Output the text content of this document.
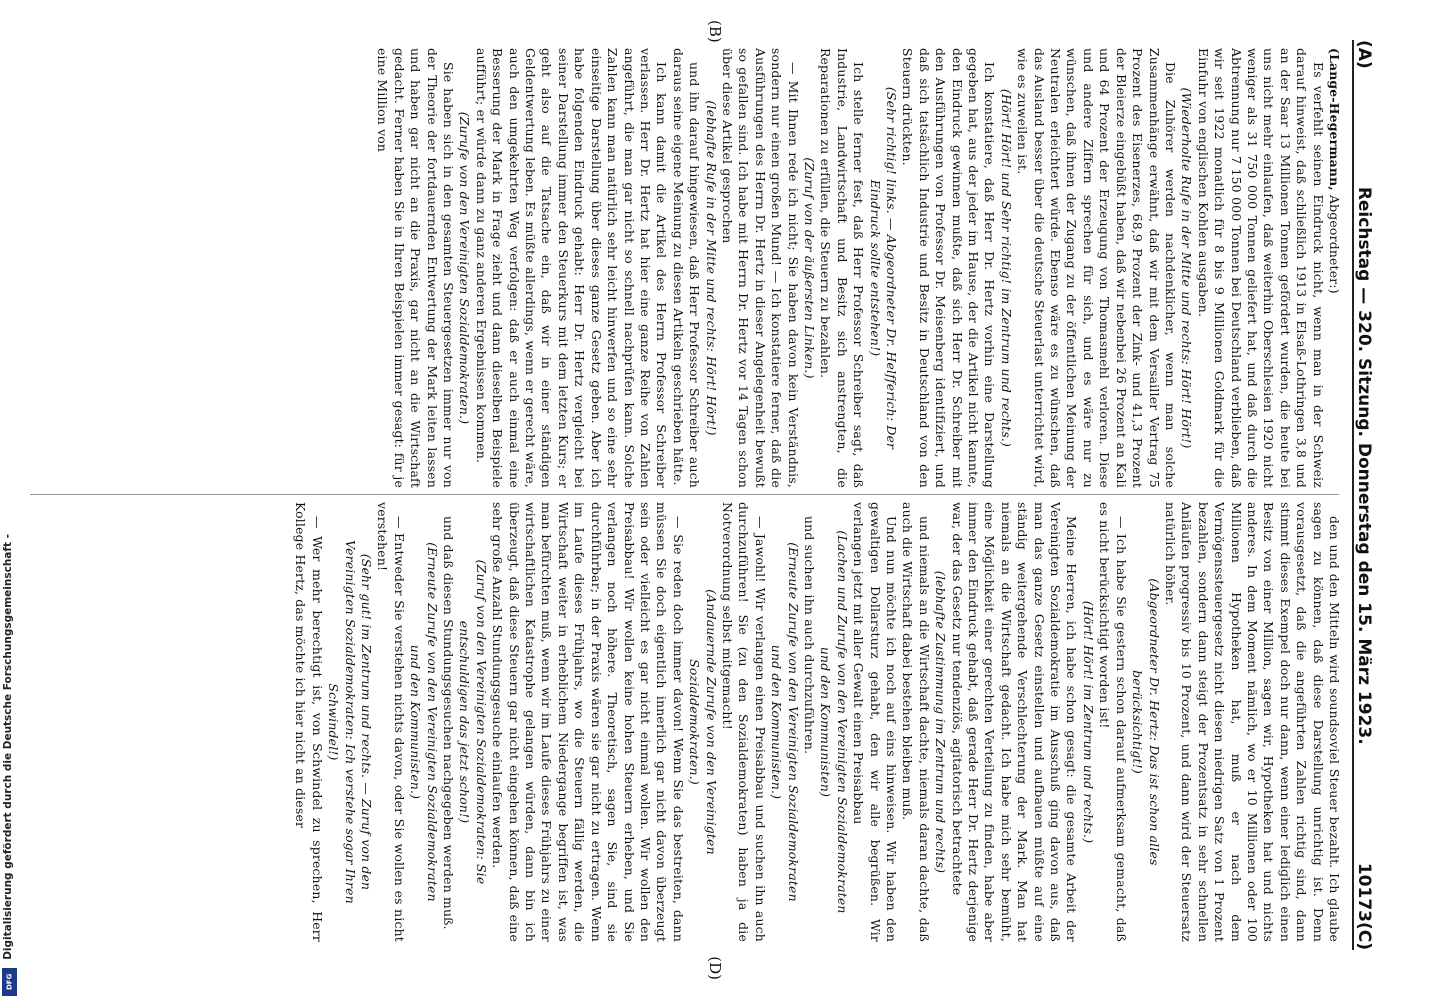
Digitalisierung gefördert durch die Deutsche Forschungsgemeinschaft -
DFG
(A)
Reichstag — 320. Sitzung. Donnerstag den 15. März 1923.
10173
(C)
(B)
(D)

(Lange-Hegermann, Abgeordneter:)

Es verfehlt seinen Eindruck nicht, wenn man in der Schweiz darauf hinweist, daß schließlich 1913 in Elsaß-Lothringen 3,8 und an der Saar 13 Millionen Tonnen gefördert wurden, die heute bei uns nicht mehr einlaufen, daß weiterhin Oberschlesien 1920 nicht weniger als 31 750 000 Tonnen geliefert hat, und daß durch die Abtrennung nur 7 150 000 Tonnen bei Deutschland verblieben, daß wir seit 1922 monatlich für 8 bis 9 Millionen Goldmark für die Einfuhr von englischen Kohlen ausgaben.

(Wiederholte Rufe in der Mitte und rechts: Hört! Hört!)

Die Zuhörer werden nachdenklicher, wenn man solche Zusammenhänge erwähnt, daß wir mit dem Versailler Vertrag 75 Prozent des Eisenerzes, 68,9 Prozent der Zink- und 41,3 Prozent der Bleierze eingebüßt haben, daß wir nebenbei 26 Prozent an Kali und 64 Prozent der Erzeugung von Thomasmehl verloren. Diese und andere Ziffern sprechen für sich, und es wäre nur zu wünschen, daß ihnen der Zugang zu der öffentlichen Meinung der Neutralen erleichtert würde. Ebenso wäre es zu wünschen, daß das Ausland besser über die deutsche Steuerlast unterrichtet wird, wie es zuweilen ist.

(Hört! Hört! und Sehr richtig! im Zentrum und rechts.)

Ich konstatiere, daß Herr Dr. Hertz vorhin eine Darstellung gegeben hat, aus der jeder im Hause, der die Artikel nicht kannte, den Eindruck gewinnen mußte, daß sich Herr Dr. Schreiber mit den Ausführungen von Professor Dr. Meisenberg identifiziert, und daß sich tatsächlich Industrie und Besitz in Deutschland von den Steuern drückten.

(Sehr richtig! links. — Abgeordneter Dr. Helfferich: Der Eindruck sollte entstehen!)

Ich stelle ferner fest, daß Herr Professor Schreiber sagt, daß Industrie, Landwirtschaft und Besitz sich anstrengten, die Reparationen zu erfüllen, die Steuern zu bezahlen.

(Zuruf von der äußersten Linken.)

— Mit Ihnen rede ich nicht; Sie haben davon kein Verständnis, sondern nur einen großen Mund! — Ich konstatiere ferner, daß die Ausführungen des Herrn Dr. Hertz in dieser Angelegenheit bewußt so gefallen sind. Ich habe mit Herrn Dr. Hertz vor 14 Tagen schon über diese Artikel gesprochen

(lebhafte Rufe in der Mitte und rechts: Hört! Hört!)

und ihn darauf hingewiesen, daß Herr Professor Schreiber auch daraus seine eigene Meinung zu diesen Artikeln geschrieben hätte.

Ich kann damit die Artikel des Herrn Professor Schreiber verlassen. Herr Dr. Hertz hat hier eine ganze Reihe von Zahlen angeführt, die man gar nicht so schnell nachprüfen kann. Solche Zahlen kann man natürlich sehr leicht hinwerfen und so eine sehr einseitige Darstellung über dieses ganze Gesetz geben. Aber ich habe folgenden Eindruck gehabt: Herr Dr. Hertz vergleicht bei seiner Darstellung immer den Steuerkurs mit dem letzten Kurs; er geht also auf die Tatsache ein, daß wir in einer ständigen Geldentwertung leben. Es müßte allerdings, wenn er gerecht wäre, auch den umgekehrten Weg verfolgen: daß er auch einmal eine Besserung der Mark in Frage zieht und dann dieselben Beispiele aufführt; er würde dann zu ganz anderen Ergebnissen kommen.

(Zurufe von den Vereinigten Sozialdemokraten.)

Sie haben sich in den gesamten Steuergesetzen immer nur von der Theorie der fortdauernden Entwertung der Mark leiten lassen und haben gar nicht an die Praxis, gar nicht an die Wirtschaft gedacht. Ferner haben Sie in Ihren Beispielen immer gesagt: für je eine Million von

den und den Mitteln wird soundsoviel Steuer bezahlt. Ich glaube sagen zu können, daß diese Darstellung unrichtig ist. Denn vorausgesetzt, daß die angeführten Zahlen richtig sind, dann stimmt dieses Exempel doch nur dann, wenn einer lediglich einen Besitz von einer Million, sagen wir, Hypotheken hat und nichts anderes. In dem Moment nämlich, wo er 10 Millionen oder 100 Millionen Hypotheken hat, muß er nach dem Vermögenssteuergesetz nicht diesen niedrigen Satz von 1 Prozent bezahlen, sondern dann steigt der Prozentsatz in sehr schnellen Anläufen progressiv bis 10 Prozent, und dann wird der Steuersatz natürlich höher.

(Abgeordneter Dr. Hertz: Das ist schon alles berücksichtigt!)

— Ich habe Sie gestern schon darauf aufmerksam gemacht, daß es nicht berücksichtigt worden ist!

(Hört! Hört! im Zentrum und rechts.)

Meine Herren, ich habe schon gesagt: die gesamte Arbeit der Vereinigten Sozialdemokratie im Ausschuß ging davon aus, daß man das ganze Gesetz einstellen und aufbauen müßte auf eine ständig weitergehende Verschlechterung der Mark. Man hat niemals an die Wirtschaft gedacht. Ich habe mich sehr bemüht, eine Möglichkeit einer gerechten Verteilung zu finden, habe aber immer den Eindruck gehabt, daß gerade Herr Dr. Hertz derjenige war, der das Gesetz nur tendenziös, agitatorisch betrachtete

(lebhafte Zustimmung im Zentrum und rechts)

und niemals an die Wirtschaft dachte, niemals daran dachte, daß auch die Wirtschaft dabei bestehen bleiben muß.

Und nun möchte ich noch auf eins hinweisen. Wir haben den gewaltigen Dollarsturz gehabt, den wir alle begrüßen. Wir verlangen jetzt mit aller Gewalt einen Preisabbau

(Lachen und Zurufe von den Vereinigten Sozialdemokraten und den Kommunisten)

und suchen ihn auch durchzuführen.

(Erneute Zurufe von den Vereinigten Sozialdemokraten und den Kommunisten.)

— Jawohl! Wir verlangen einen Preisabbau und suchen ihn auch durchzuführen! Sie (zu den Sozialdemokraten) haben ja die Notverordnung selbst mitgemacht!

(Andauernde Zurufe von den Vereinigten Sozialdemokraten.)

— Sie reden doch immer davon! Wenn Sie das bestreiten, dann müssen Sie doch eigentlich innerlich gar nicht davon überzeugt sein oder vielleicht es gar nicht einmal wollen. Wir wollen den Preisabbau! Wir wollen keine hohen Steuern erheben, und Sie verlangen noch höhere. Theoretisch, sagen Sie, sind sie durchführbar; in der Praxis wären sie gar nicht zu ertragen. Wenn im Laufe dieses Frühjahrs, wo die Steuern fällig werden, die Wirtschaft weiter in erheblichem Niedergange begriffen ist, was man befürchten muß, wenn wir im Laufe dieses Frühjahrs zu einer wirtschaftlichen Katastrophe gelangen würden, dann bin ich überzeugt, daß diese Steuern gar nicht eingehen können, daß eine sehr große Anzahl Stundungsgesuche einlaufen werden.

(Zuruf von den Vereinigten Sozialdemokraten: Sie entschuldigen das jetzt schon!)

und daß diesen Stundungsgesuchen nachgegeben werden muß.

(Erneute Zurufe von den Vereinigten Sozialdemokraten und den Kommunisten.)

— Entweder Sie verstehen nichts davon, oder Sie wollen es nicht verstehen!

(Sehr gut! im Zentrum und rechts. — Zuruf von den Vereinigten Sozialdemokraten: Ich verstehe sogar Ihren Schwindel!)

— Wer mehr berechtigt ist, von Schwindel zu sprechen, Herr Kollege Hertz, das möchte ich hier nicht an dieser
